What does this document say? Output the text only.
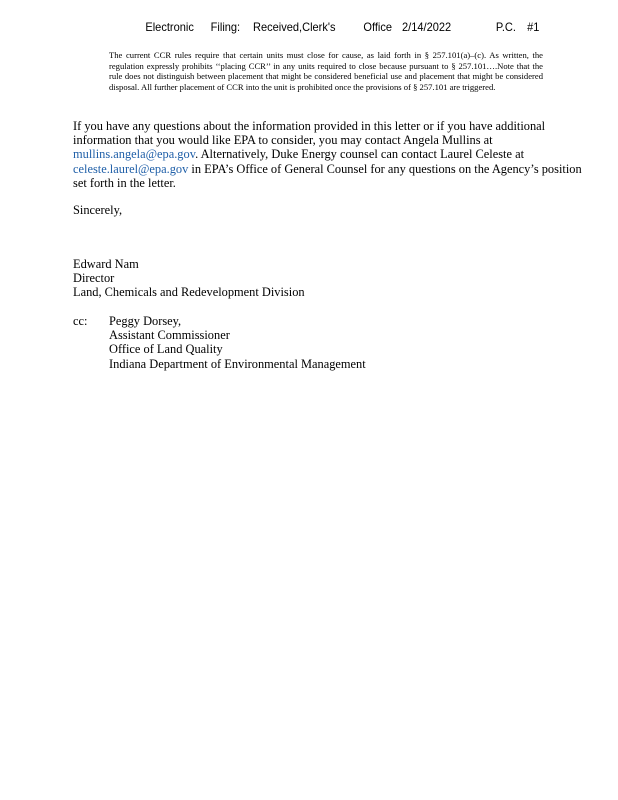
Electronic Filing: Received,Clerk's Office 2/14/2022	P.C. #1
The current CCR rules require that certain units must close for cause, as laid forth in § 257.101(a)–(c). As written, the regulation expressly prohibits ‘‘placing CCR’’ in any units required to close because pursuant to § 257.101….Note that the rule does not distinguish between placement that might be considered beneficial use and placement that might be considered disposal. All further placement of CCR into the unit is prohibited once the provisions of § 257.101 are triggered.
If you have any questions about the information provided in this letter or if you have additional information that you would like EPA to consider, you may contact Angela Mullins at mullins.angela@epa.gov. Alternatively, Duke Energy counsel can contact Laurel Celeste at celeste.laurel@epa.gov in EPA’s Office of General Counsel for any questions on the Agency’s position set forth in the letter.
Sincerely,
Edward Nam
Director
Land, Chemicals and Redevelopment Division
cc: Peggy Dorsey,
Assistant Commissioner
Office of Land Quality
Indiana Department of Environmental Management
